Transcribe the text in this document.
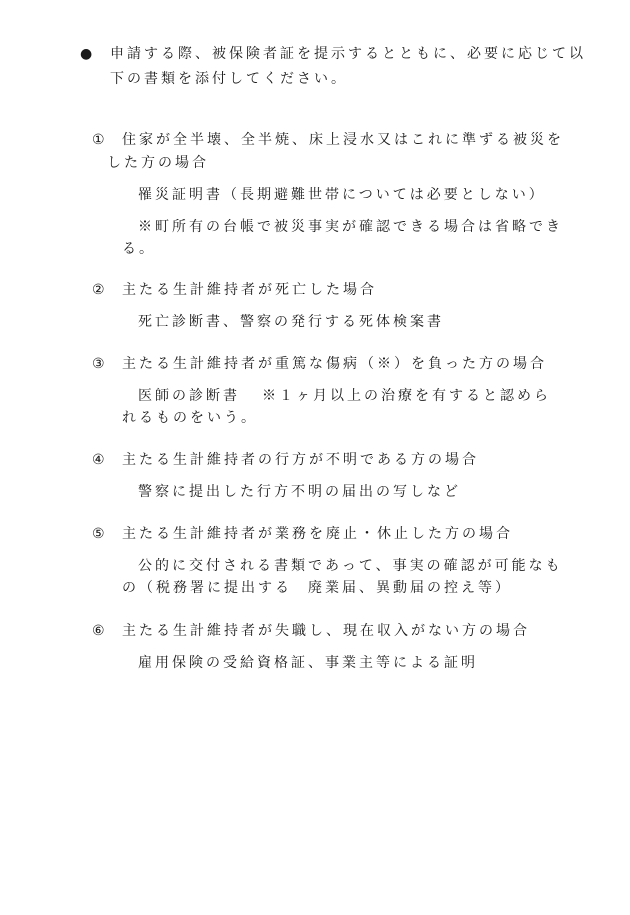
● 申請する際、被保険者証を提示するとともに、必要に応じて以
下の書類を添付してください。
① 住家が全半壊、全半焼、床上浸水又はこれに準ずる被災を
した方の場合
罹災証明書（長期避難世帯については必要としない）
※町所有の台帳で被災事実が確認できる場合は省略でき
る。
② 主たる生計維持者が死亡した場合
死亡診断書、警察の発行する死体検案書
③ 主たる生計維持者が重篤な傷病（※）を負った方の場合
医師の診断書 ※１ヶ月以上の治療を有すると認めら
れるものをいう。
④ 主たる生計維持者の行方が不明である方の場合
警察に提出した行方不明の届出の写しなど
⑤ 主たる生計維持者が業務を廃止・休止した方の場合
公的に交付される書類であって、事実の確認が可能なも
の（税務署に提出する 廃業届、異動届の控え等）
⑥ 主たる生計維持者が失職し、現在収入がない方の場合
雇用保険の受給資格証、事業主等による証明
